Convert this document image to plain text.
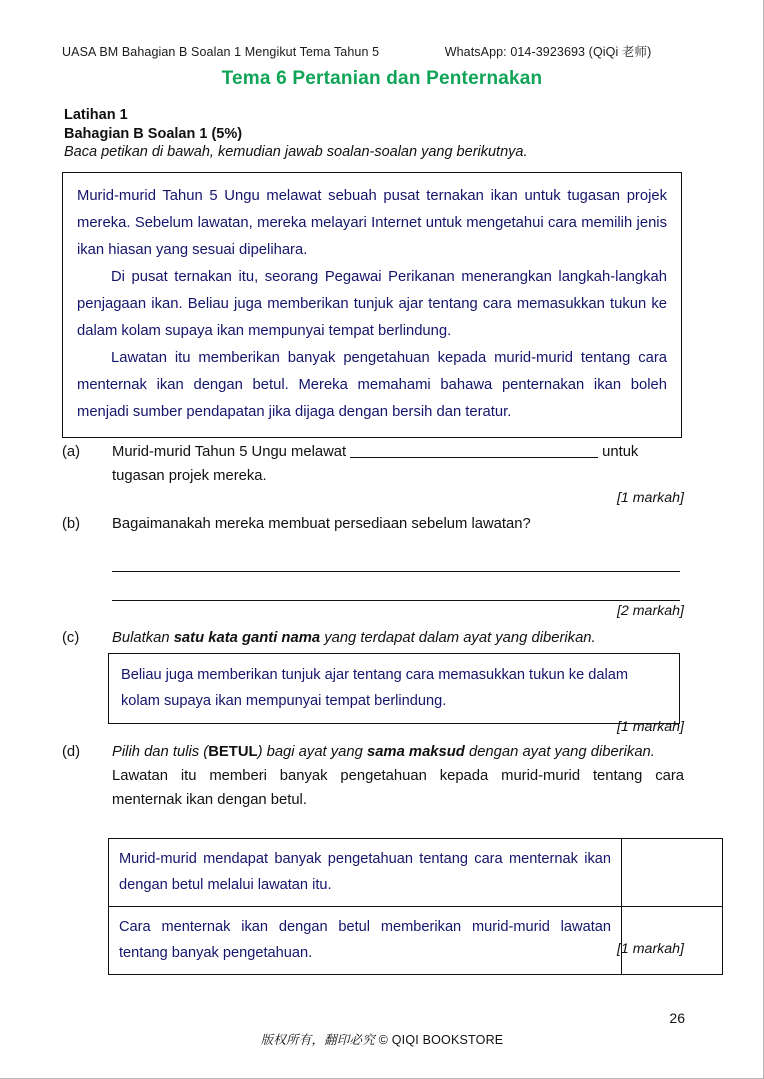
UASA BM Bahagian B Soalan 1 Mengikut Tema Tahun 5	WhatsApp: 014-3923693 (QiQi 老师)
Tema 6 Pertanian dan Penternakan
Latihan 1
Bahagian B Soalan 1 (5%)
Baca petikan di bawah, kemudian jawab soalan-soalan yang berikutnya.

Murid-murid Tahun 5 Ungu melawat sebuah pusat ternakan ikan untuk tugasan projek mereka. Sebelum lawatan, mereka melayari Internet untuk mengetahui cara memilih jenis ikan hiasan yang sesuai dipelihara.

Di pusat ternakan itu, seorang Pegawai Perikanan menerangkan langkah-langkah penjagaan ikan. Beliau juga memberikan tunjuk ajar tentang cara memasukkan tukun ke dalam kolam supaya ikan mempunyai tempat berlindung.

Lawatan itu memberikan banyak pengetahuan kepada murid-murid tentang cara menternak ikan dengan betul. Mereka memahami bahawa penternakan ikan boleh menjadi sumber pendapatan jika dijaga dengan bersih dan teratur.

(a)	Murid-murid Tahun 5 Ungu melawat	untuk
tugasan projek mereka.
[1 markah]
(b)	Bagaimanakah mereka membuat persediaan sebelum lawatan?
[2 markah]
(c)	Bulatkan satu kata ganti nama yang terdapat dalam ayat yang diberikan.

Beliau juga memberikan tunjuk ajar tentang cara memasukkan tukun ke dalam kolam supaya ikan mempunyai tempat berlindung.

[1 markah]
(d)	Pilih dan tulis (BETUL) bagi ayat yang sama maksud dengan ayat yang diberikan.
Lawatan itu memberi banyak pengetahuan kepada murid-murid tentang cara menternak ikan dengan betul.
Murid-murid mendapat banyak pengetahuan tentang cara menternak ikan dengan betul melalui lawatan itu.	
Cara menternak ikan dengan betul memberikan murid-murid lawatan tentang banyak pengetahuan.		[1 markah]
26
版权所有，翻印必究 © QIQI BOOKSTORE
